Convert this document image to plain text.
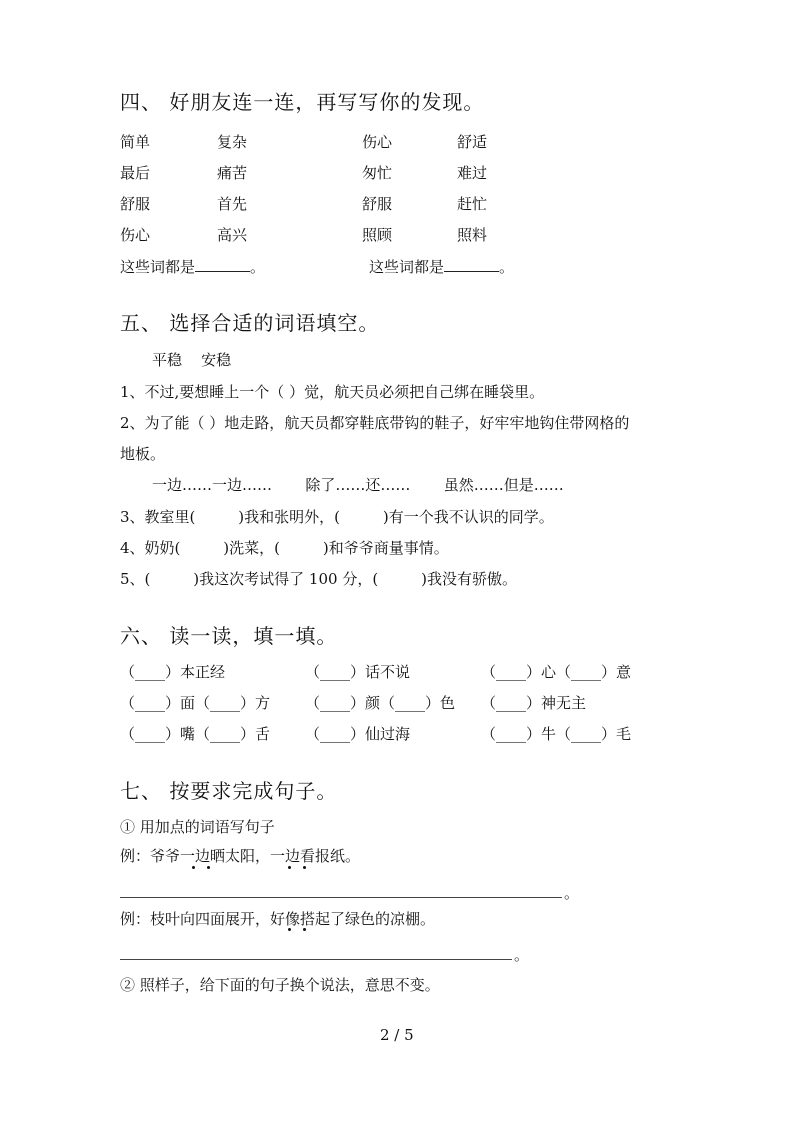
四、 好朋友连一连，再写写你的发现。
简单	复杂	伤心	舒适
最后	痛苦	匆忙	难过
舒服	首先	舒服	赶忙
伤心	高兴	照顾	照料
这些词都是	。	这些词都是	。
五、 选择合适的词语填空。
平稳    安稳
1、不过,要想睡上一个（ ）觉，航天员必须把自己绑在睡袋里。
2、为了能（ ）地走路，航天员都穿鞋底带钩的鞋子，好牢牢地钩住带网格的
地板。
一边……一边……       除了……还……       虽然……但是……
3、教室里(         )我和张明外，(         )有一个我不认识的同学。
4、奶奶(         )洗菜，(         )和爷爷商量事情。
5、(         )我这次考试得了 100 分，(         )我没有骄傲。
六、 读一读，填一填。
（____）本正经	（____）话不说	（____）心（____）意
（____）面（____）方 （____）颜（____）色 （____）神无主
（____）嘴（____）舌 （____）仙过海	（____）牛（____）毛
七、 按要求完成句子。
① 用加点的词语写句子
例：爷爷一边晒太阳，一边看报纸。
。
例：枝叶向四面展开，好像搭起了绿色的凉棚。
。
② 照样子，给下面的句子换个说法，意思不变。
2 / 5
